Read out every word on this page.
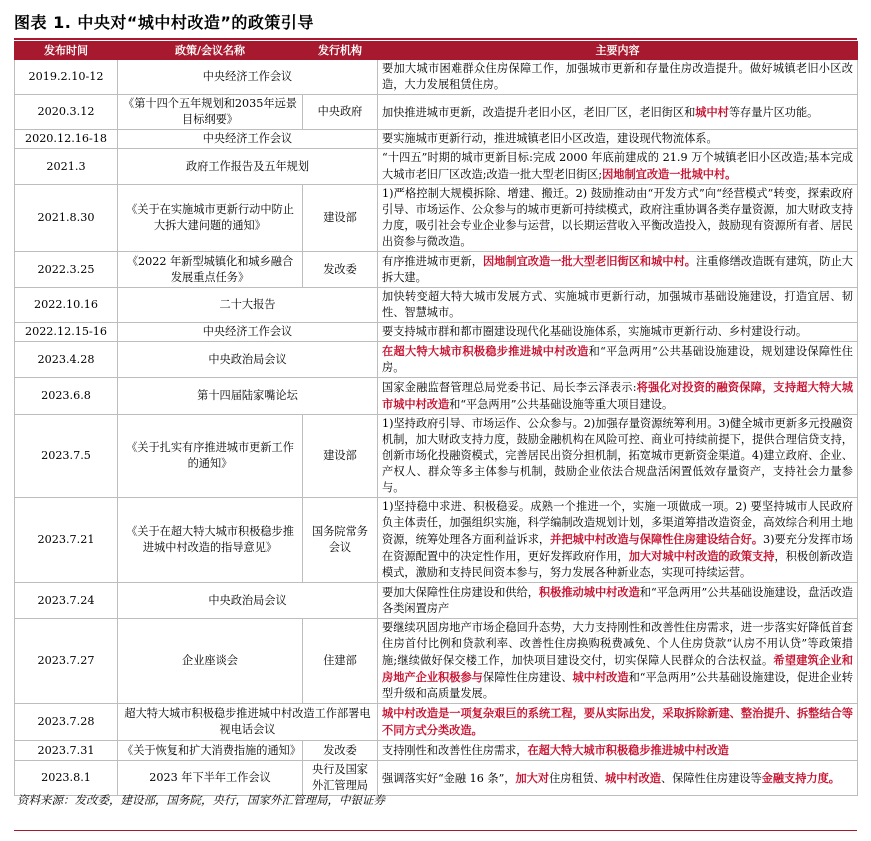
图表 1. 中央对“城中村改造”的政策引导
发布时间	政策/会议名称	发行机构	主要内容
2019.2.10-12	中央经济工作会议		要加大城市困难群众住房保障工作，加强城市更新和存量住房改造提升。做好城镇老旧小区改造，大力发展租赁住房。
2020.3.12	《第十四个五年规划和2035年远景目标纲要》	中央政府	加快推进城市更新，改造提升老旧小区，老旧厂区，老旧街区和城中村等存量片区功能。
2020.12.16-18	中央经济工作会议		要实施城市更新行动，推进城镇老旧小区改造，建设现代物流体系。
2021.3	政府工作报告及五年规划		“十四五”时期的城市更新目标:完成 2000 年底前建成的 21.9 万个城镇老旧小区改造;基本完成大城市老旧厂区改造;改造一批大型老旧街区;因地制宜改造一批城中村。
2021.8.30	《关于在实施城市更新行动中防止大拆大建问题的通知》	建设部	1)严格控制大规模拆除、增建、搬迁。2) 鼓励推动由“开发方式”向“经营模式”转变，探索政府引导、市场运作、公众参与的城市更新可持续模式，政府注重协调各类存量资源，加大财政支持力度，吸引社会专业企业参与运营，以长期运营收入平衡改造投入，鼓励现有资源所有者、居民出资参与微改造。
2022.3.25	《2022 年新型城镇化和城乡融合发展重点任务》	发改委	有序推进城市更新，因地制宜改造一批大型老旧街区和城中村。注重修缮改造既有建筑，防止大拆大建。
2022.10.16	二十大报告		加快转变超大特大城市发展方式、实施城市更新行动，加强城市基础设施建设，打造宜居、韧性、智慧城市。
2022.12.15-16	中央经济工作会议		要支持城市群和都市圈建设现代化基础设施体系，实施城市更新行动、乡村建设行动。
2023.4.28	中央政治局会议		在超大特大城市积极稳步推进城中村改造和“平急两用”公共基础设施建设，规划建设保障性住房。
2023.6.8	第十四届陆家嘴论坛		国家金融监督管理总局党委书记、局长李云泽表示:将强化对投资的融资保障，支持超大特大城市城中村改造和“平急两用”公共基础设施等重大项目建设。
2023.7.5	《关于扎实有序推进城市更新工作的通知》	建设部	1)坚持政府引导、市场运作、公众参与。2)加强存量资源统筹利用。3)健全城市更新多元投融资机制，加大财政支持力度，鼓励金融机构在风险可控、商业可持续前提下，提供合理信贷支持，创新市场化投融资模式，完善居民出资分担机制，拓宽城市更新资金渠道。4)建立政府、企业、产权人、群众等多主体参与机制，鼓励企业依法合规盘活闲置低效存量资产，支持社会力量参与。
2023.7.21	《关于在超大特大城市积极稳步推进城中村改造的指导意见》	国务院常务会议	1)坚持稳中求进、积极稳妥。成熟一个推进一个，实施一项做成一项。2) 要坚持城市人民政府负主体责任，加强组织实施，科学编制改造规划计划，多渠道筹措改造资金，高效综合利用土地资源，统筹处理各方面利益诉求，并把城中村改造与保障性住房建设结合好。3)要充分发挥市场在资源配置中的决定性作用，更好发挥政府作用，加大对城中村改造的政策支持，积极创新改造模式，激励和支持民间资本参与，努力发展各种新业态，实现可持续运营。
2023.7.24	中央政治局会议		要加大保障性住房建设和供给，积极推动城中村改造和“平急两用”公共基础设施建设，盘活改造各类闲置房产
2023.7.27	企业座谈会	住建部	要继续巩固房地产市场企稳回升态势，大力支持刚性和改善性住房需求，进一步落实好降低首套住房首付比例和贷款利率、改善性住房换购税费减免、个人住房贷款“认房不用认贷”等政策措施;继续做好保交楼工作，加快项目建设交付，切实保障人民群众的合法权益。希望建筑企业和房地产企业积极参与保障性住房建设、城中村改造和“平急两用”公共基础设施建设，促进企业转型升级和高质量发展。
2023.7.28	超大特大城市积极稳步推进城中村改造工作部署电视电话会议		城中村改造是一项复杂艰巨的系统工程，要从实际出发，采取拆除新建、整治提升、拆整结合等不同方式分类改造。
2023.7.31	《关于恢复和扩大消费指施的通知》	发改委	支持刚性和改善性住房需求，在超大特大城市积极稳步推进城中村改造
2023.8.1	2023 年下半年工作会议	央行及国家外汇管理局	强调落实好“金融 16 条”，加大对住房租赁、城中村改造、保障性住房建设等金融支持力度。
资料来源：发改委，建设部，国务院，央行，国家外汇管理局，中银证券
